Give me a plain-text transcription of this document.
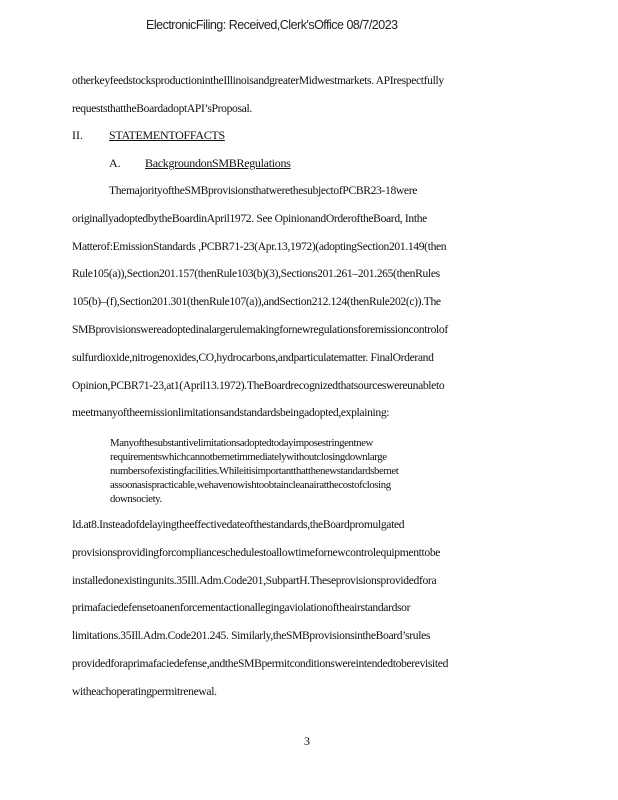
ElectronicFiling: Received,Clerk'sOffice 08/7/2023
otherkeyfeedstocksproductionintheIllinoisandgreaterMidwestmarkets. APIrespectfully
requeststhattheBoardadoptAPI’sProposal.
II. STATEMENTOFFACTS
A. BackgroundonSMBRegulations
ThemajorityoftheSMBprovisionsthatwerethesubjectofPCBR23-18were
originallyadoptedbytheBoardinApril1972. See OpinionandOrderoftheBoard, Inthe
Matterof:EmissionStandards ,PCBR71-23(Apr.13,1972)(adoptingSection201.149(then
Rule105(a)),Section201.157(thenRule103(b)(3),Sections201.261–201.265(thenRules
105(b)–(f),Section201.301(thenRule107(a)),andSection212.124(thenRule202(c)).The
SMBprovisionswereadoptedinalargerulemakingfornewregulationsforemissioncontrolof
sulfurdioxide,nitrogenoxides,CO,hydrocarbons,andparticulatematter. FinalOrderand
Opinion,PCBR71-23,at1(April13.1972).TheBoardrecognizedthatsourceswereunableto
meetmanyoftheemissionlimitationsandstandardsbeingadopted,explaining:
Manyofthesubstantivelimitationsadoptedtodayimposestringentnew
requirementswhichcannotbemetimmediatelywithoutclosingdownlarge
numbersofexistingfacilities.Whileitisimportantthatthenewstandardsbemet
assoonasispracticable,wehavenowishtoobtaincleanairatthecostofclosing
downsociety.
Id.at8.Insteadofdelayingtheeffectivedateofthestandards,theBoardpromulgated
provisionsprovidingforcomplianceschedulestoallowtimefornewcontrolequipmenttobe
installedonexistingunits.35Ill.Adm.Code201,SubpartH.Theseprovisionsprovidedfora
primafaciedefensetoanenforcementactionallegingaviolationoftheairstandardsor
limitations.35Ill.Adm.Code201.245. Similarly,theSMBprovisionsintheBoard’srules
providedforaprimafaciedefense,andtheSMBpermitconditionswereintendedtoberevisited
witheachoperatingpermitrenewal.
3
